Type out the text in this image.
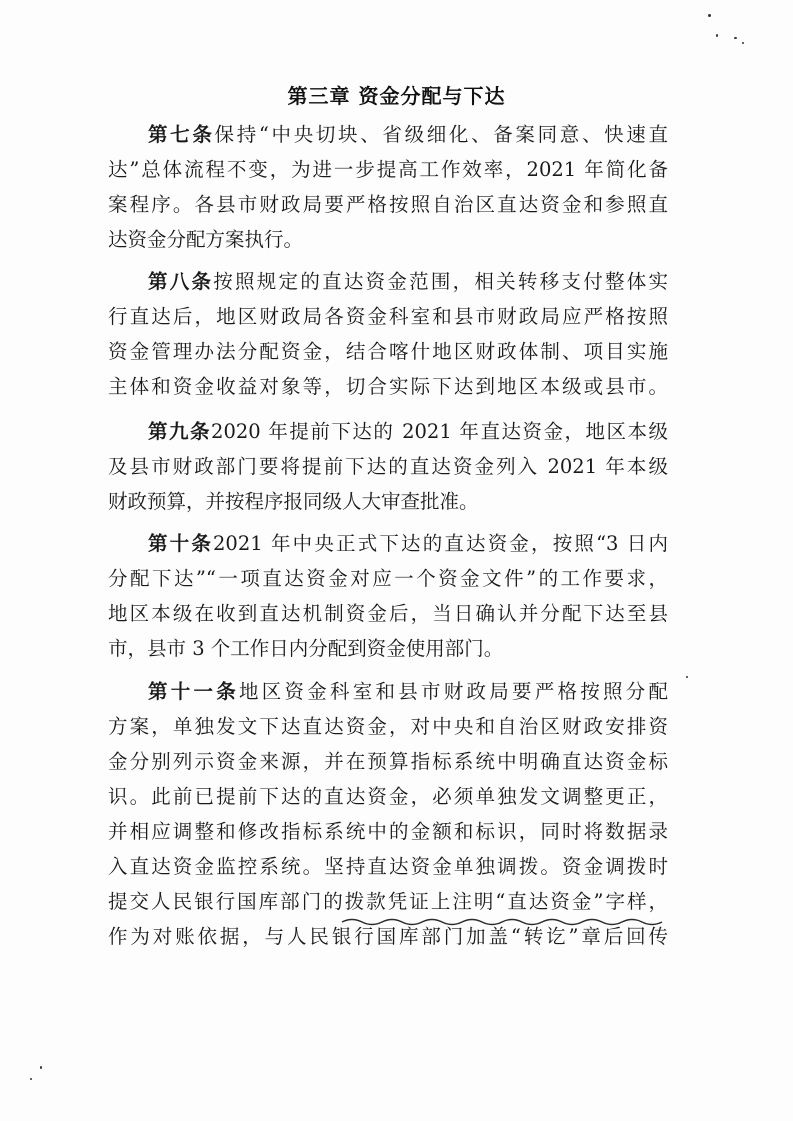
第三章 资金分配与下达
第七条保持“中央切块、省级细化、备案同意、快速直
达”总体流程不变，为进一步提高工作效率，2021 年简化备
案程序。各县市财政局要严格按照自治区直达资金和参照直
达资金分配方案执行。
第八条按照规定的直达资金范围，相关转移支付整体实
行直达后，地区财政局各资金科室和县市财政局应严格按照
资金管理办法分配资金，结合喀什地区财政体制、项目实施
主体和资金收益对象等，切合实际下达到地区本级或县市。
第九条2020 年提前下达的 2021 年直达资金，地区本级
及县市财政部门要将提前下达的直达资金列入 2021 年本级
财政预算，并按程序报同级人大审查批准。
第十条2021 年中央正式下达的直达资金，按照“3 日内
分配下达”“一项直达资金对应一个资金文件”的工作要求，
地区本级在收到直达机制资金后，当日确认并分配下达至县
市，县市 3 个工作日内分配到资金使用部门。
第十一条地区资金科室和县市财政局要严格按照分配
方案，单独发文下达直达资金，对中央和自治区财政安排资
金分别列示资金来源，并在预算指标系统中明确直达资金标
识。此前已提前下达的直达资金，必须单独发文调整更正，
并相应调整和修改指标系统中的金额和标识，同时将数据录
入直达资金监控系统。坚持直达资金单独调拨。资金调拨时
提交人民银行国库部门的拨款凭证上注明“直达资金”字样，
作为对账依据，与人民银行国库部门加盖“转讫”章后回传
